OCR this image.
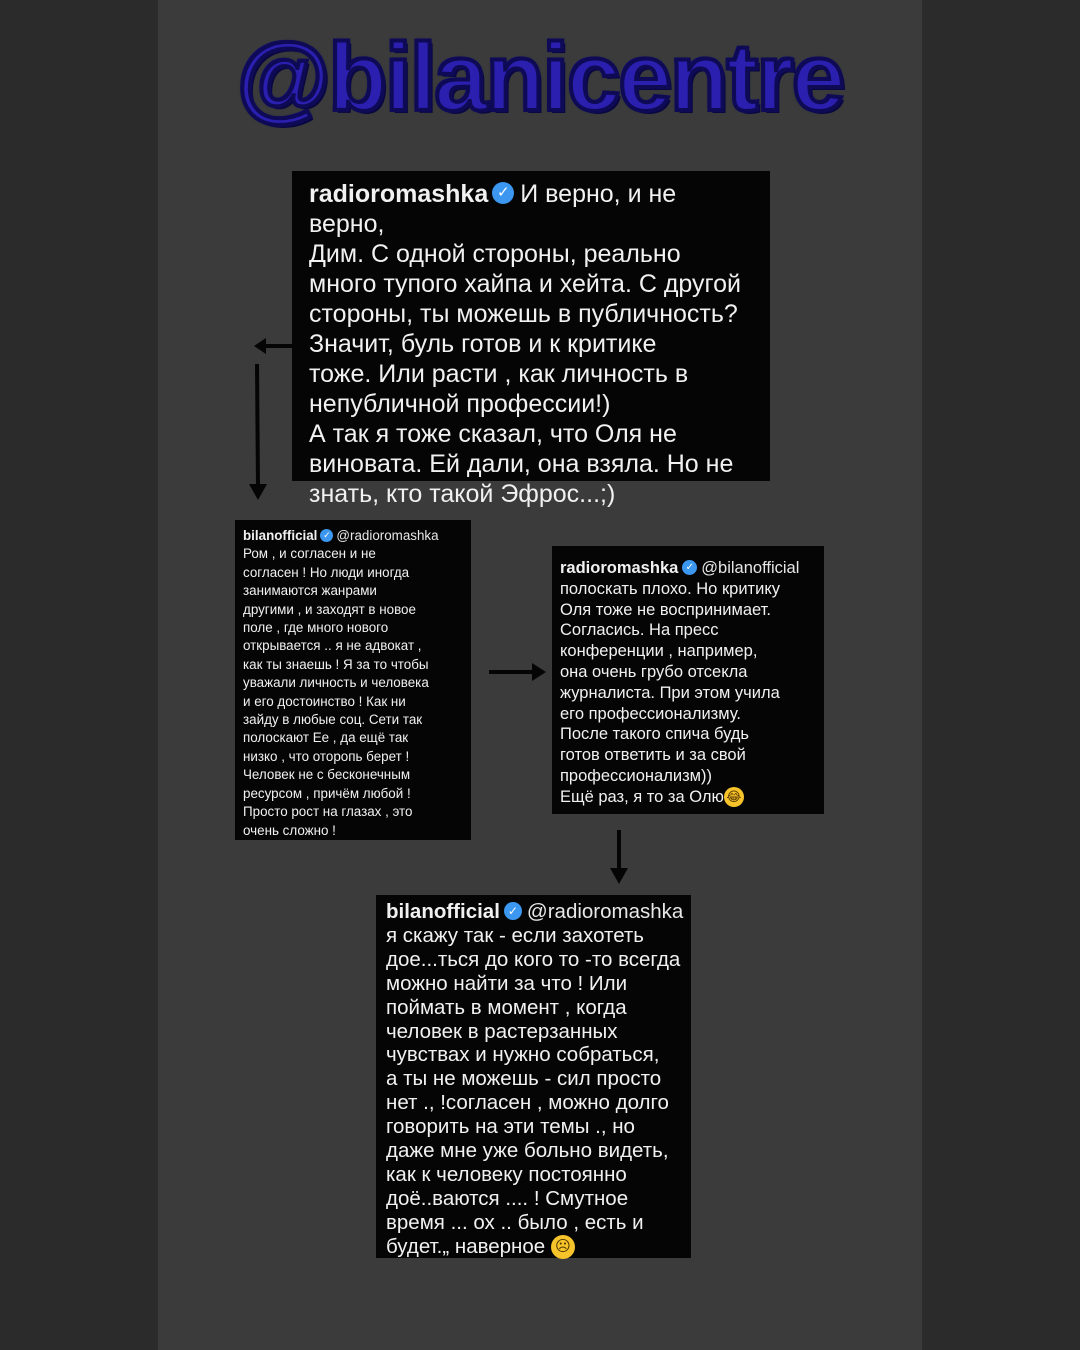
@bilanicentre

radioromashka ✓ И верно, и не верно,
Дим. С одной стороны, реально
много тупого хайпа и хейта. С другой
стороны, ты можешь в публичность?
Значит, буль готов и к критике
тоже. Или расти , как личность в
непубличной профессии!)
А так я тоже сказал, что Оля не
виновата. Ей дали, она взяла. Но не
знать, кто такой Эфрос...;)

bilanofficial ✓ @radioromashka
Ром , и согласен и не
согласен ! Но люди иногда
занимаются жанрами
другими , и заходят в новое
поле , где много нового
открывается .. я не адвокат ,
как ты знаешь ! Я за то чтобы
уважали личность и человека
и его достоинство ! Как ни
зайду в любые соц. Сети так
полоскают Ее , да ещё так
низко , что оторопь берет !
Человек не с бесконечным
ресурсом , причём любой !
Просто рост на глазах , это
очень сложно !

radioromashka ✓ @bilanofficial
полоскать плохо. Но критику
Оля тоже не воспринимает.
Согласись. На пресс
конференции , например,
она очень грубо отсекла
журналиста. При этом учила
его профессионализму.
После такого спича будь
готов ответить и за свой
профессионализм))
Ещё раз, я то за Олю 😂

bilanofficial ✓ @radioromashka
я скажу так - если захотеть
дое...ться до кого то -то всегда
можно найти за что ! Или
поймать в момент , когда
человек в растерзанных
чувствах и нужно собраться,
а ты не можешь - сил просто
нет ., !согласен , можно долго
говорить на эти темы ., но
даже мне уже больно видеть,
как к человеку постоянно
доё..ваются .... ! Смутное
время ... ох .. было , есть и
будет.„ наверное ☹
